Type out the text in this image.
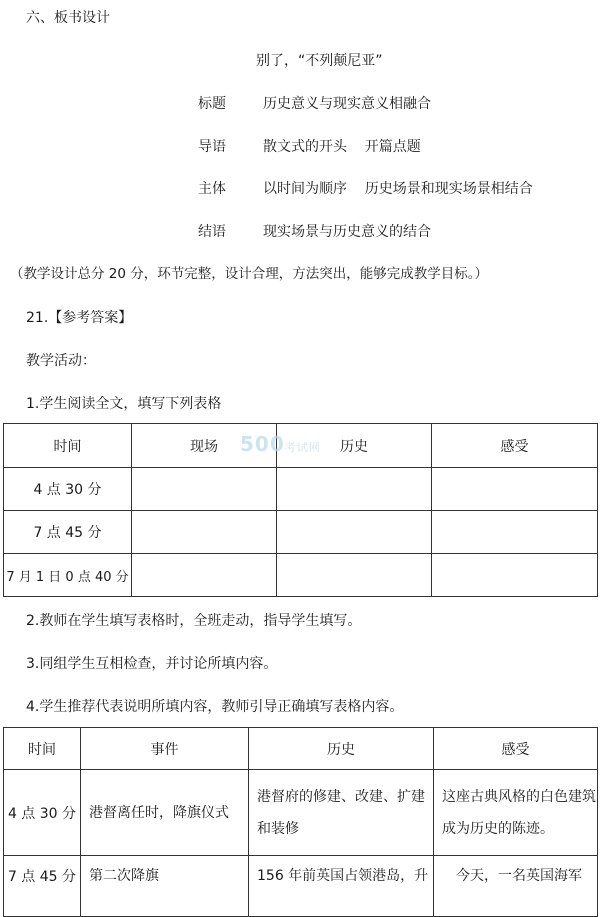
六、板书设计
别了，“不列颠尼亚”
标题	历史意义与现实意义相融合
导语	散文式的开头    开篇点题
主体	以时间为顺序    历史场景和现实场景相结合
结语	现实场景与历史意义的结合
（教学设计总分 20 分，环节完整，设计合理，方法突出，能够完成教学目标。）
21.【参考答案】
教学活动：
1.学生阅读全文，填写下列表格
时间	现场	历史	感受
4 点 30 分			
7 点 45 分			
7 月 1 日 0 点 40 分			
500考试网
2.教师在学生填写表格时，全班走动，指导学生填写。
3.同组学生互相检查，并讨论所填内容。
4.学生推荐代表说明所填内容，教师引导正确填写表格内容。
时间	事件	历史	感受
4 点 30 分	港督离任时，降旗仪式	港督府的修建、改建、扩建和装修	这座古典风格的白色建筑成为历史的陈迹。
7 点 45 分	第二次降旗	156 年前英国占领港岛，升	今天，一名英国海军
